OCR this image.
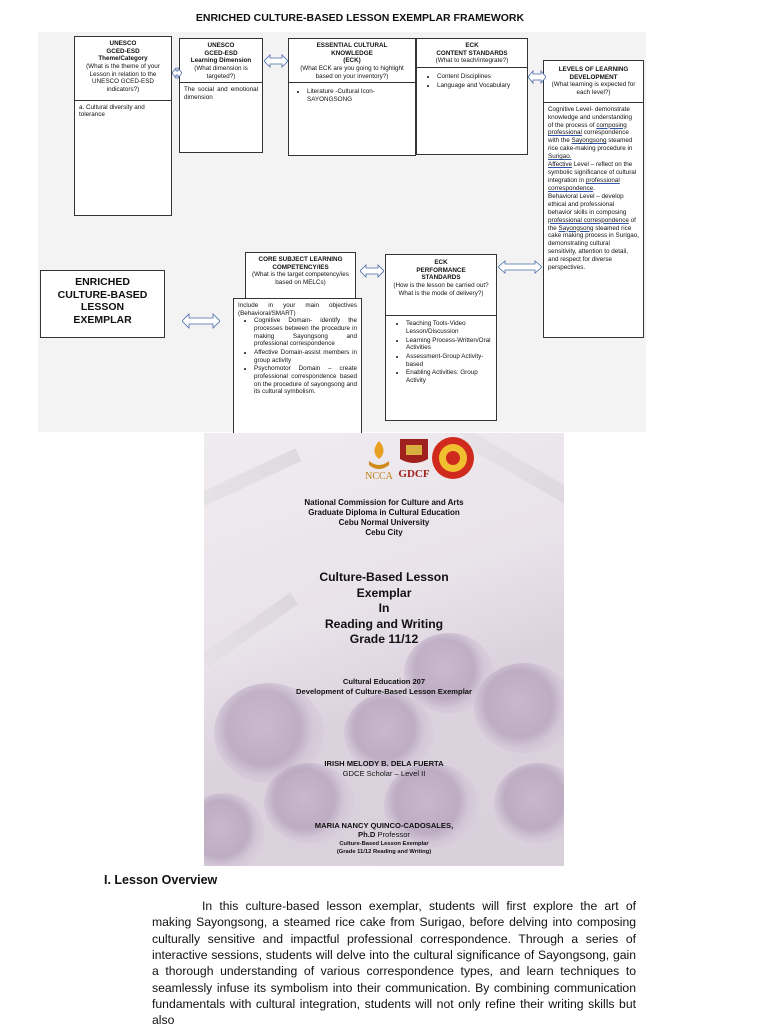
ENRICHED CULTURE-BASED LESSON EXEMPLAR FRAMEWORK
UNESCO
GCED-ESD
Theme/Category
(What is the theme of your Lesson in relation to the UNESCO GCED-ESD indicators?)
a. Cultural diversity and tolerance
UNESCO
GCED-ESD
Learning Dimension
(What dimension is targeted?)
The social and emotional dimension
ESSENTIAL CULTURAL
KNOWLEDGE
(ECK)
(What ECK are you going to highlight based on your inventory?)
• Literature -Cultural Icon-SAYONGSONG
ECK
CONTENT STANDARDS
(What to teach/integrate?)
• Content Disciplines
• Language and Vocabulary
LEVELS OF LEARNING
DEVELOPMENT
(What learning is expected for each level?)
Cognitive Level- demonstrate knowledge and understanding of the process of composing professional correspondence with the Sayongsong steamed rice cake-making procedure in Surigao.
Affective Level – reflect on the symbolic significance of cultural integration in professional correspondence.
Behavioral Level – develop ethical and professional behavior skills in composing professional correspondence of the Sayongsong steamed rice cake making process in Surigao, demonstrating cultural sensitivity, attention to detail, and respect for diverse perspectives.
ENRICHED
CULTURE-BASED
LESSON
EXEMPLAR
CORE SUBJECT LEARNING
COMPETENCY/IES
(What is the target competency/ies based on MELCs)
Include in your main objectives (Behavioral/SMART)
• Cognitive Domain- identify the processes between the procedure in making Sayongsong and professional correspondence
• Affective Domain-assist members in group activity
• Psychomotor Domain – create professional correspondence based on the procedure of sayongsong and its cultural symbolism.
ECK
PERFORMANCE
STANDARDS
(How is the lesson be carried out? What is the mode of delivery?)
• Teaching Tools-Video Lesson/Discussion
• Learning Process-Written/Oral Activities
• Assessment-Group Activity-based
• Enabling Activities: Group Activity
NCCA GDCF
National Commission for Culture and Arts
Graduate Diploma in Cultural Education
Cebu Normal University
Cebu City
Culture-Based Lesson
Exemplar
In
Reading and Writing
Grade 11/12
Cultural Education 207
Development of Culture-Based Lesson Exemplar
IRISH MELODY B. DELA FUERTA
GDCE Scholar – Level II
MARIA NANCY QUINCO-CADOSALES,
Ph.D Professor
Culture-Based Lesson Exemplar
(Grade 11/12 Reading and Writing)
I. Lesson Overview
In this culture-based lesson exemplar, students will first explore the art of making Sayongsong, a steamed rice cake from Surigao, before delving into composing culturally sensitive and impactful professional correspondence. Through a series of interactive sessions, students will delve into the cultural significance of Sayongsong, gain a thorough understanding of various correspondence types, and learn techniques to seamlessly infuse its symbolism into their communication. By combining communication fundamentals with cultural integration, students will not only refine their writing skills but also
